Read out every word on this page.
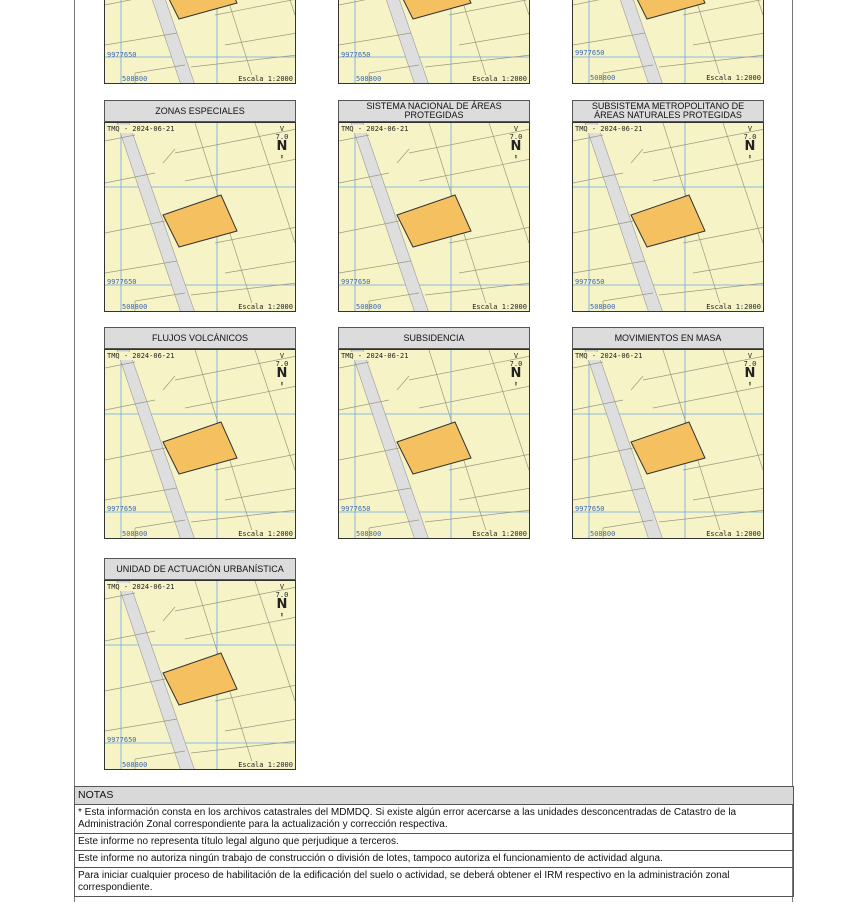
9977650
508800	Escala 1:2000
9977650
508800	Escala 1:2000
9977650
508800	Escala 1:2000
ZONAS ESPECIALES
TMQ - 2024-06-21	V 7.0
N
⬆
9977650
508800	Escala 1:2000
SISTEMA NACIONAL DE ÁREAS PROTEGIDAS
TMQ - 2024-06-21	V 7.0
N
⬆
9977650
508800	Escala 1:2000
SUBSISTEMA METROPOLITANO DE ÁREAS NATURALES PROTEGIDAS
TMQ - 2024-06-21	V 7.0
N
⬆
9977650
508800	Escala 1:2000
FLUJOS VOLCÁNICOS
TMQ - 2024-06-21	V 7.0
N
⬆
9977650
508800	Escala 1:2000
SUBSIDENCIA
TMQ - 2024-06-21	V 7.0
N
⬆
9977650
508800	Escala 1:2000
MOVIMIENTOS EN MASA
TMQ - 2024-06-21	V 7.0
N
⬆
9977650
508800	Escala 1:2000
UNIDAD DE ACTUACIÓN URBANÍSTICA
TMQ - 2024-06-21	V 7.0
N
⬆
9977650
508800	Escala 1:2000
NOTAS
* Esta información consta en los archivos catastrales del MDMDQ. Si existe algún error acercarse a las unidades desconcentradas de Catastro de la Administración Zonal correspondiente para la actualización y corrección respectiva.
Este informe no representa título legal alguno que perjudique a terceros.
Este informe no autoriza ningún trabajo de construcción o división de lotes, tampoco autoriza el funcionamiento de actividad alguna.
Para iniciar cualquier proceso de habilitación de la edificación del suelo o actividad, se deberá obtener el IRM respectivo en la administración zonal correspondiente.
